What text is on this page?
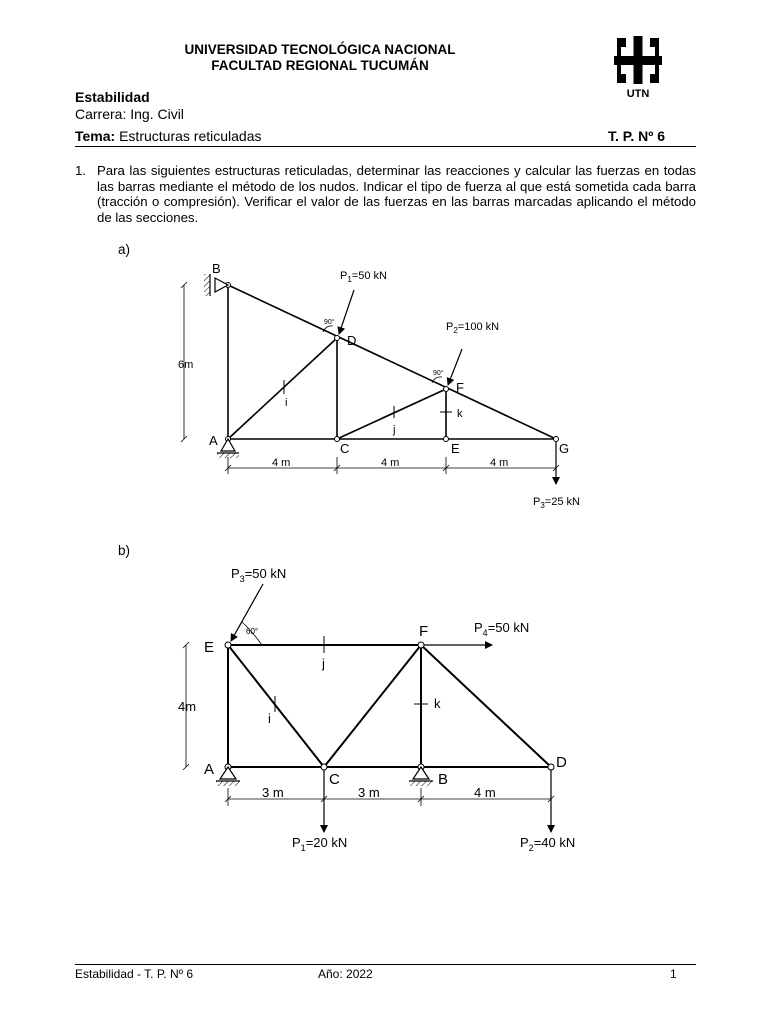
UNIVERSIDAD TECNOLÓGICA NACIONAL
FACULTAD REGIONAL TUCUMÁN
UTN
Estabilidad
Carrera: Ing. Civil
Tema: Estructuras reticuladas	T. P. Nº 6
1. Para las siguientes estructuras reticuladas, determinar las reacciones y calcular las fuerzas en todas las barras mediante el método de los nudos. Indicar el tipo de fuerza al que está sometida cada barra (tracción o compresión). Verificar el valor de las fuerzas en las barras marcadas aplicando el método de las secciones.
a)
B
A
D
C
F
E	G
i
j
k
$P_1=50$ kN
$P_2=100$ kN
$P_3=25$ kN
6m
4 m	4 m	4 m
90°
90°
b)
E
F
A
C	B
D
j
i
k
$P_3=50$ kN
$P_4=50$ kN
$P_1=20$ kN	$P_2=40$ kN
4m
3 m	3 m	4 m
60°
Estabilidad - T. P. Nº 6	Año: 2022	1
